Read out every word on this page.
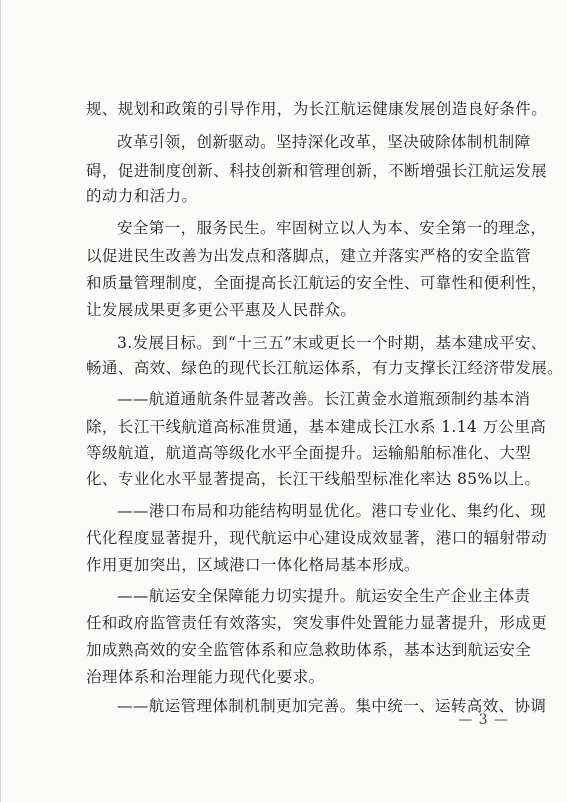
规、规划和政策的引导作用，为长江航运健康发展创造良好条件。
改革引领，创新驱动。坚持深化改革，坚决破除体制机制障
碍，促进制度创新、科技创新和管理创新，不断增强长江航运发展
的动力和活力。
安全第一，服务民生。牢固树立以人为本、安全第一的理念，
以促进民生改善为出发点和落脚点，建立并落实严格的安全监管
和质量管理制度，全面提高长江航运的安全性、可靠性和便利性，
让发展成果更多更公平惠及人民群众。
3.发展目标。到“十三五”末或更长一个时期，基本建成平安、
畅通、高效、绿色的现代长江航运体系，有力支撑长江经济带发展。
——航道通航条件显著改善。长江黄金水道瓶颈制约基本消
除，长江干线航道高标准贯通，基本建成长江水系 1.14 万公里高
等级航道，航道高等级化水平全面提升。运输船舶标准化、大型
化、专业化水平显著提高，长江干线船型标准化率达 85%以上。
——港口布局和功能结构明显优化。港口专业化、集约化、现
代化程度显著提升，现代航运中心建设成效显著，港口的辐射带动
作用更加突出，区域港口一体化格局基本形成。
——航运安全保障能力切实提升。航运安全生产企业主体责
任和政府监管责任有效落实，突发事件处置能力显著提升，形成更
加成熟高效的安全监管体系和应急救助体系，基本达到航运安全
治理体系和治理能力现代化要求。
——航运管理体制机制更加完善。集中统一、运转高效、协调
— 3 —
